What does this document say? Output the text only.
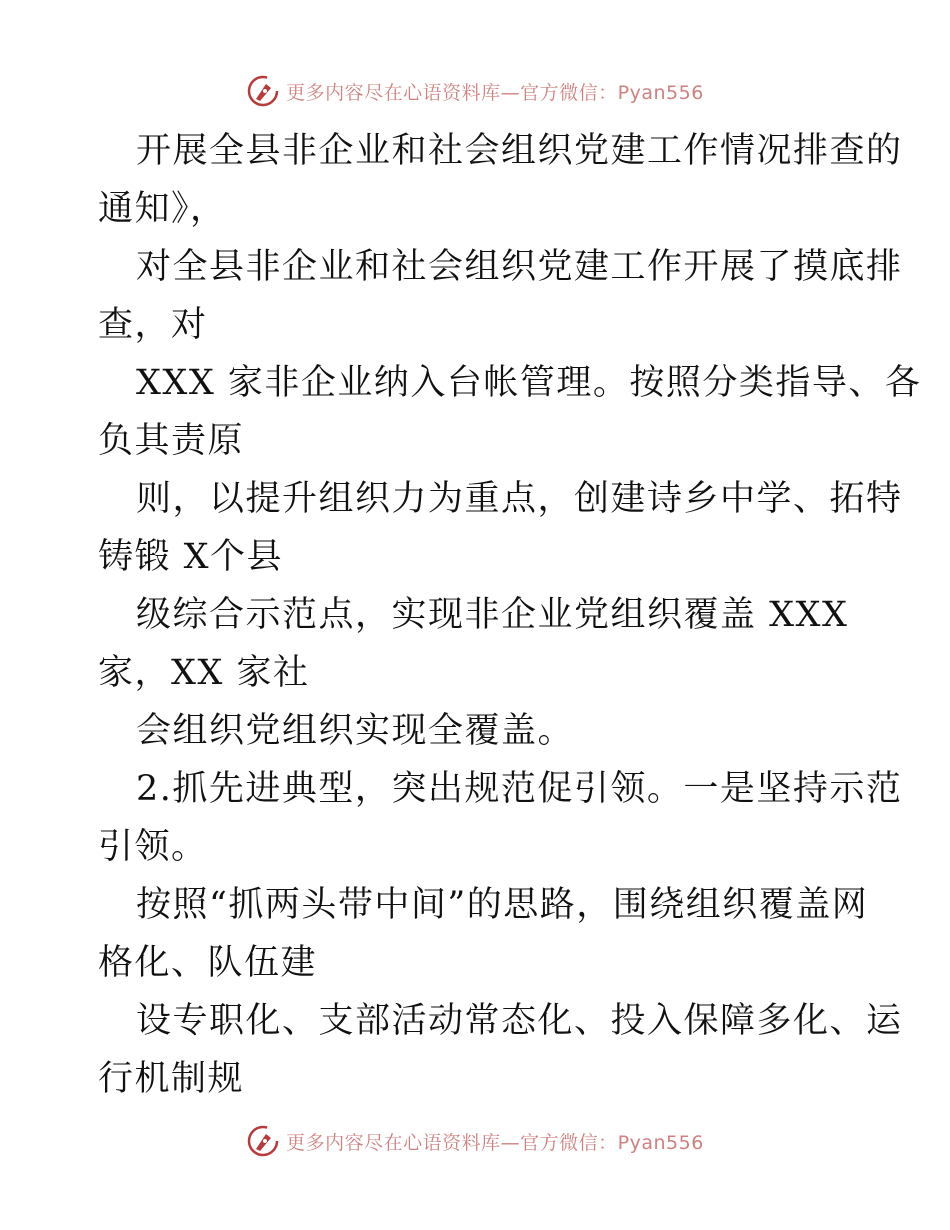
更多内容尽在心语资料库—官方微信：Pyan556
开展全县非企业和社会组织党建工作情况排查的
通知》，
对全县非企业和社会组织党建工作开展了摸底排
查，对
XXX 家非企业纳入台帐管理。按照分类指导、各
负其责原
则，以提升组织力为重点，创建诗乡中学、拓特
铸锻 X个县
级综合示范点，实现非企业党组织覆盖 XXX
家，XX 家社
会组织党组织实现全覆盖。
2.抓先进典型，突出规范促引领。一是坚持示范
引领。
按照“抓两头带中间”的思路，围绕组织覆盖网
格化、队伍建
设专职化、支部活动常态化、投入保障多化、运
行机制规
更多内容尽在心语资料库—官方微信：Pyan556
